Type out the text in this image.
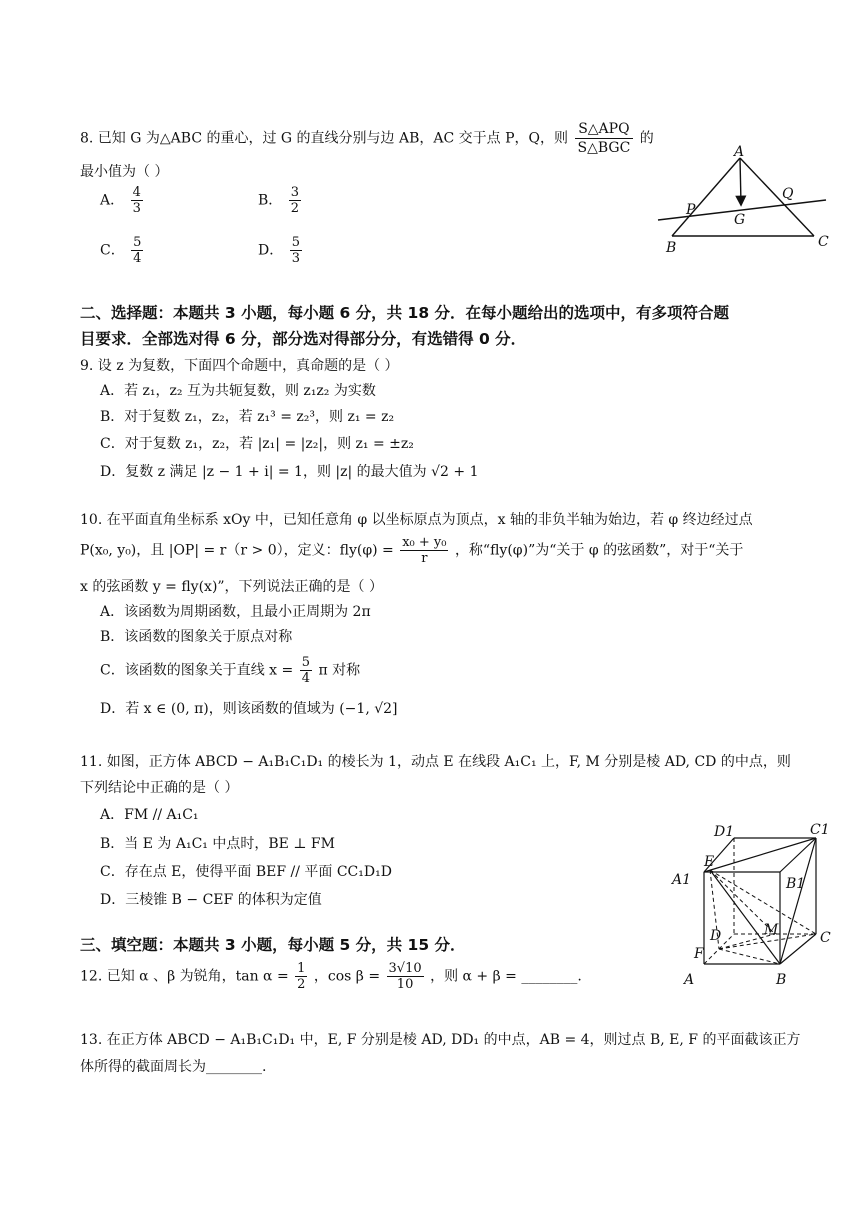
8. 已知 G 为△ABC 的重心，过 G 的直线分别与边 AB，AC 交于点 P，Q，则 $\frac{\text{S△APQ}}{\text{S△BGC}}$ 的
最小值为（ ）
A． $\frac{4}{3}$	B． $\frac{3}{2}$
C． $\frac{5}{4}$	D． $\frac{5}{3}$
A
P
Q
G
B	C
二、选择题：本题共 3 小题，每小题 6 分，共 18 分．在每小题给出的选项中，有多项符合题
目要求．全部选对得 6 分，部分选对得部分分，有选错得 0 分．
9. 设 z 为复数，下面四个命题中，真命题的是（ ）
A．若 z₁，z₂ 互为共轭复数，则 z₁z₂ 为实数
B．对于复数 z₁，z₂，若 z₁³ = z₂³，则 z₁ = z₂
C．对于复数 z₁，z₂，若 |z₁| = |z₂|，则 z₁ = ±z₂
D．复数 z 满足 |z − 1 + i| = 1，则 |z| 的最大值为 √2 + 1
10. 在平面直角坐标系 xOy 中，已知任意角 φ 以坐标原点为顶点，x 轴的非负半轴为始边，若 φ 终边经过点
P(x₀, y₀)，且 |OP| = r（r > 0），定义：$fly(\varphi) = \frac{\text{x₀ + y₀}}{r}$ ，称“fly(φ)”为“关于 φ 的弦函数”，对于“关于
x 的弦函数 y = fly(x)”，下列说法正确的是（ ）
A．该函数为周期函数，且最小正周期为 2π
B．该函数的图象关于原点对称
C．该函数的图象关于直线 $x = \frac{5}{4}$ π 对称
D．若 x ∈ (0, π)，则该函数的值域为 (−1, √2]
11. 如图，正方体 ABCD − A₁B₁C₁D₁ 的棱长为 1，动点 E 在线段 A₁C₁ 上，F, M 分别是棱 AD, CD 的中点，则
下列结论中正确的是（ ）
A．FM // A₁C₁
B．当 E 为 A₁C₁ 中点时，BE ⊥ FM
C．存在点 E，使得平面 BEF // 平面 CC₁D₁D
D．三棱锥 B − CEF 的体积为定值
D1	C1
A1
E
B1
D	M	C
F
A	B
三、填空题：本题共 3 小题，每小题 5 分，共 15 分．
12. 已知 α 、β 为锐角，$\tan \alpha = \frac{1}{2}$ ，$\cos \beta = \frac{3√10}{10}$ ，则 α + β = ________.
13. 在正方体 ABCD − A₁B₁C₁D₁ 中，E, F 分别是棱 AD, DD₁ 的中点，AB = 4，则过点 B, E, F 的平面截该正方
体所得的截面周长为________.
